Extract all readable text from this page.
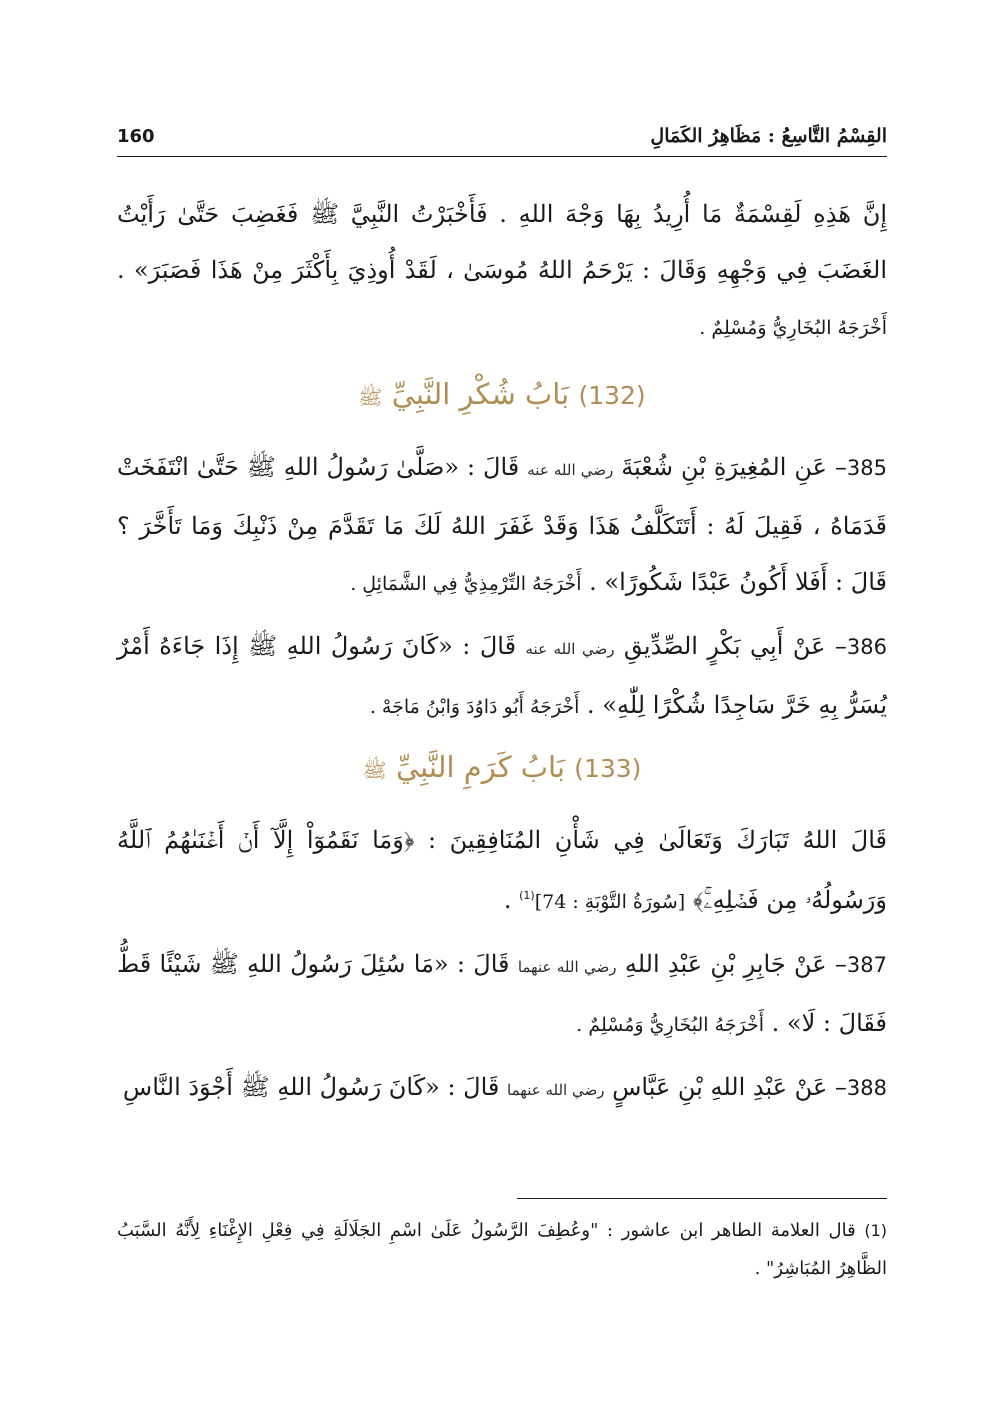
القِسْمُ التَّاسِعُ : مَظَاهِرُ الكَمَالِ
160

إِنَّ هَذِهِ لَقِسْمَةٌ مَا أُرِيدُ بِهَا وَجْهَ اللهِ . فَأَخْبَرْتُ النَّبِيَّ ﷺ فَغَضِبَ حَتَّىٰ رَأَيْتُ الغَضَبَ فِي وَجْهِهِ وَقَالَ : يَرْحَمُ اللهُ مُوسَىٰ ، لَقَدْ أُوذِيَ بِأَكْثَرَ مِنْ هَذَا فَصَبَرَ» . أَخْرَجَهُ البُخَارِيُّ وَمُسْلِمٌ .

(132) بَابُ شُكْرِ النَّبِيِّ ﷺ

385– عَنِ المُغِيرَةِ بْنِ شُعْبَةَ رضي الله عنه قَالَ : «صَلَّىٰ رَسُولُ اللهِ ﷺ حَتَّىٰ انْتَفَخَتْ قَدَمَاهُ ، فَقِيلَ لَهُ : أَتَتَكَلَّفُ هَذَا وَقَدْ غَفَرَ اللهُ لَكَ مَا تَقَدَّمَ مِنْ ذَنْبِكَ وَمَا تَأَخَّرَ ؟ قَالَ : أَفَلا أَكُونُ عَبْدًا شَكُورًا» . أَخْرَجَهُ التِّرْمِذِيُّ فِي الشَّمَائِلِ .

386– عَنْ أَبِي بَكْرٍ الصِّدِّيقِ رضي الله عنه قَالَ : «كَانَ رَسُولُ اللهِ ﷺ إِذَا جَاءَهُ أَمْرٌ يُسَرُّ بِهِ خَرَّ سَاجِدًا شُكْرًا لِلّٰهِ» . أَخْرَجَهُ أَبُو دَاوُدَ وَابْنُ مَاجَهْ .

(133) بَابُ كَرَمِ النَّبِيِّ ﷺ

قَالَ اللهُ تَبَارَكَ وَتَعَالَىٰ فِي شَأْنِ المُنَافِقِينَ : ﴿وَمَا نَقَمُوٓاْ إِلَّآ أَنۡ أَغۡنَىٰهُمُ ٱللَّهُ وَرَسُولُهُۥ مِن فَضۡلِهِۦۚ﴾ [سُورَةُ التَّوْبَةِ : 74]$^{(1)}$ .

387– عَنْ جَابِرِ بْنِ عَبْدِ اللهِ رضي الله عنهما قَالَ : «مَا سُئِلَ رَسُولُ اللهِ ﷺ شَيْئًا قَطُّ فَقَالَ : لَا» . أَخْرَجَهُ البُخَارِيُّ وَمُسْلِمٌ .

388– عَنْ عَبْدِ اللهِ بْنِ عَبَّاسٍ رضي الله عنهما قَالَ : «كَانَ رَسُولُ اللهِ ﷺ أَجْوَدَ النَّاسِ

(1) قال العلامة الطاهر ابن عاشور : "وعُطِفَ الرَّسُولُ عَلَىٰ اسْمِ الجَلَالَةِ فِي فِعْلِ الإِغْنَاءِ لِأَنَّهُ السَّبَبُ الظَّاهِرُ المُبَاشِرُ" .
